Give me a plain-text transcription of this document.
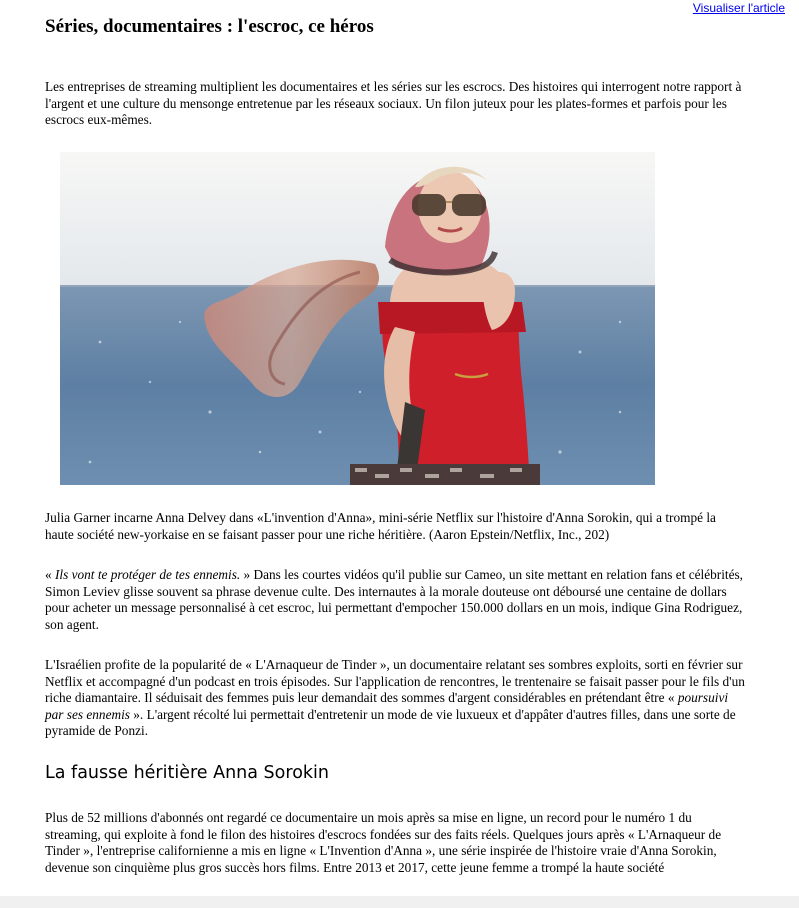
Visualiser l'article
Séries, documentaires : l'escroc, ce héros

Les entreprises de streaming multiplient les documentaires et les séries sur les escrocs. Des histoires qui interrogent notre rapport à l'argent et une culture du mensonge entretenue par les réseaux sociaux. Un filon juteux pour les plates-formes et parfois pour les escrocs eux-mêmes.

Julia Garner incarne Anna Delvey dans «L'invention d'Anna», mini-série Netflix sur l'histoire d'Anna Sorokin, qui a trompé la haute société new-yorkaise en se faisant passer pour une riche héritière. (Aaron Epstein/Netflix, Inc., 202)

« Ils vont te protéger de tes ennemis. » Dans les courtes vidéos qu'il publie sur Cameo, un site mettant en relation fans et célébrités, Simon Leviev glisse souvent sa phrase devenue culte. Des internautes à la morale douteuse ont déboursé une centaine de dollars pour acheter un message personnalisé à cet escroc, lui permettant d'empocher 150.000 dollars en un mois, indique Gina Rodriguez, son agent.

L'Israélien profite de la popularité de « L'Arnaqueur de Tinder », un documentaire relatant ses sombres exploits, sorti en février sur Netflix et accompagné d'un podcast en trois épisodes. Sur l'application de rencontres, le trentenaire se faisait passer pour le fils d'un riche diamantaire. Il séduisait des femmes puis leur demandait des sommes d'argent considérables en prétendant être « poursuivi par ses ennemis ». L'argent récolté lui permettait d'entretenir un mode de vie luxueux et d'appâter d'autres filles, dans une sorte de pyramide de Ponzi.

La fausse héritière Anna Sorokin

Plus de 52 millions d'abonnés ont regardé ce documentaire un mois après sa mise en ligne, un record pour le numéro 1 du streaming, qui exploite à fond le filon des histoires d'escrocs fondées sur des faits réels. Quelques jours après « L'Arnaqueur de Tinder », l'entreprise californienne a mis en ligne « L'Invention d'Anna », une série inspirée de l'histoire vraie d'Anna Sorokin, devenue son cinquième plus gros succès hors films. Entre 2013 et 2017, cette jeune femme a trompé la haute société
